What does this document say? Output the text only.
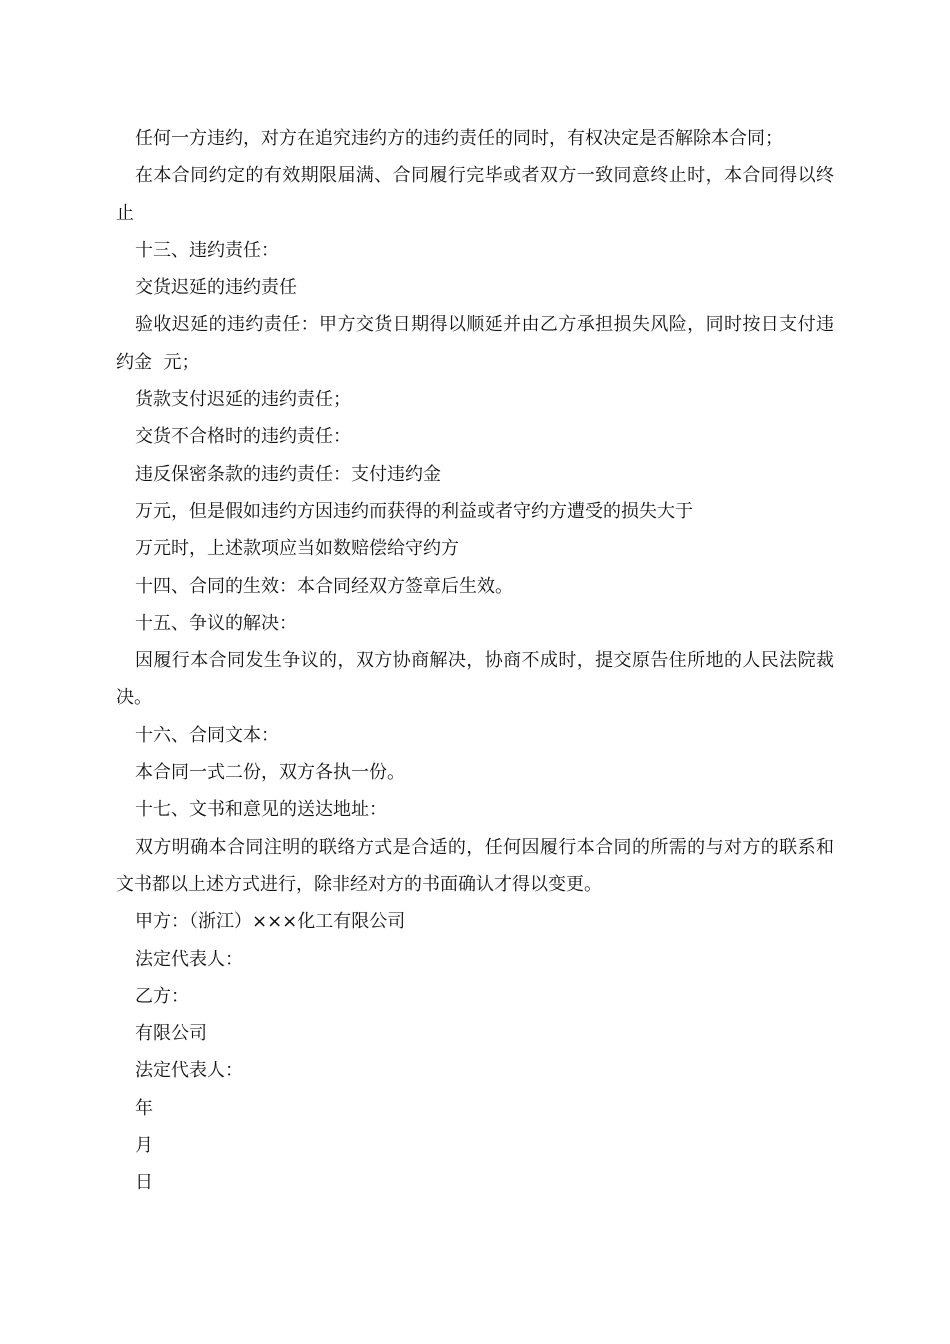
任何一方违约，对方在追究违约方的违约责任的同时，有权决定是否解除本合同；

在本合同约定的有效期限届满、合同履行完毕或者双方一致同意终止时，本合同得以终止

十三、违约责任：

交货迟延的违约责任

验收迟延的违约责任：甲方交货日期得以顺延并由乙方承担损失风险，同时按日支付违约金  元；

货款支付迟延的违约责任；

交货不合格时的违约责任：

违反保密条款的违约责任：支付违约金

万元，但是假如违约方因违约而获得的利益或者守约方遭受的损失大于

万元时，上述款项应当如数赔偿给守约方

十四、合同的生效：本合同经双方签章后生效。

十五、争议的解决：

因履行本合同发生争议的，双方协商解决，协商不成时，提交原告住所地的人民法院裁决。

十六、合同文本：

本合同一式二份，双方各执一份。

十七、文书和意见的送达地址：

双方明确本合同注明的联络方式是合适的，任何因履行本合同的所需的与对方的联系和文书都以上述方式进行，除非经对方的书面确认才得以变更。

甲方：（浙江）×××化工有限公司

法定代表人：

乙方：

有限公司

法定代表人：

年

月

日
